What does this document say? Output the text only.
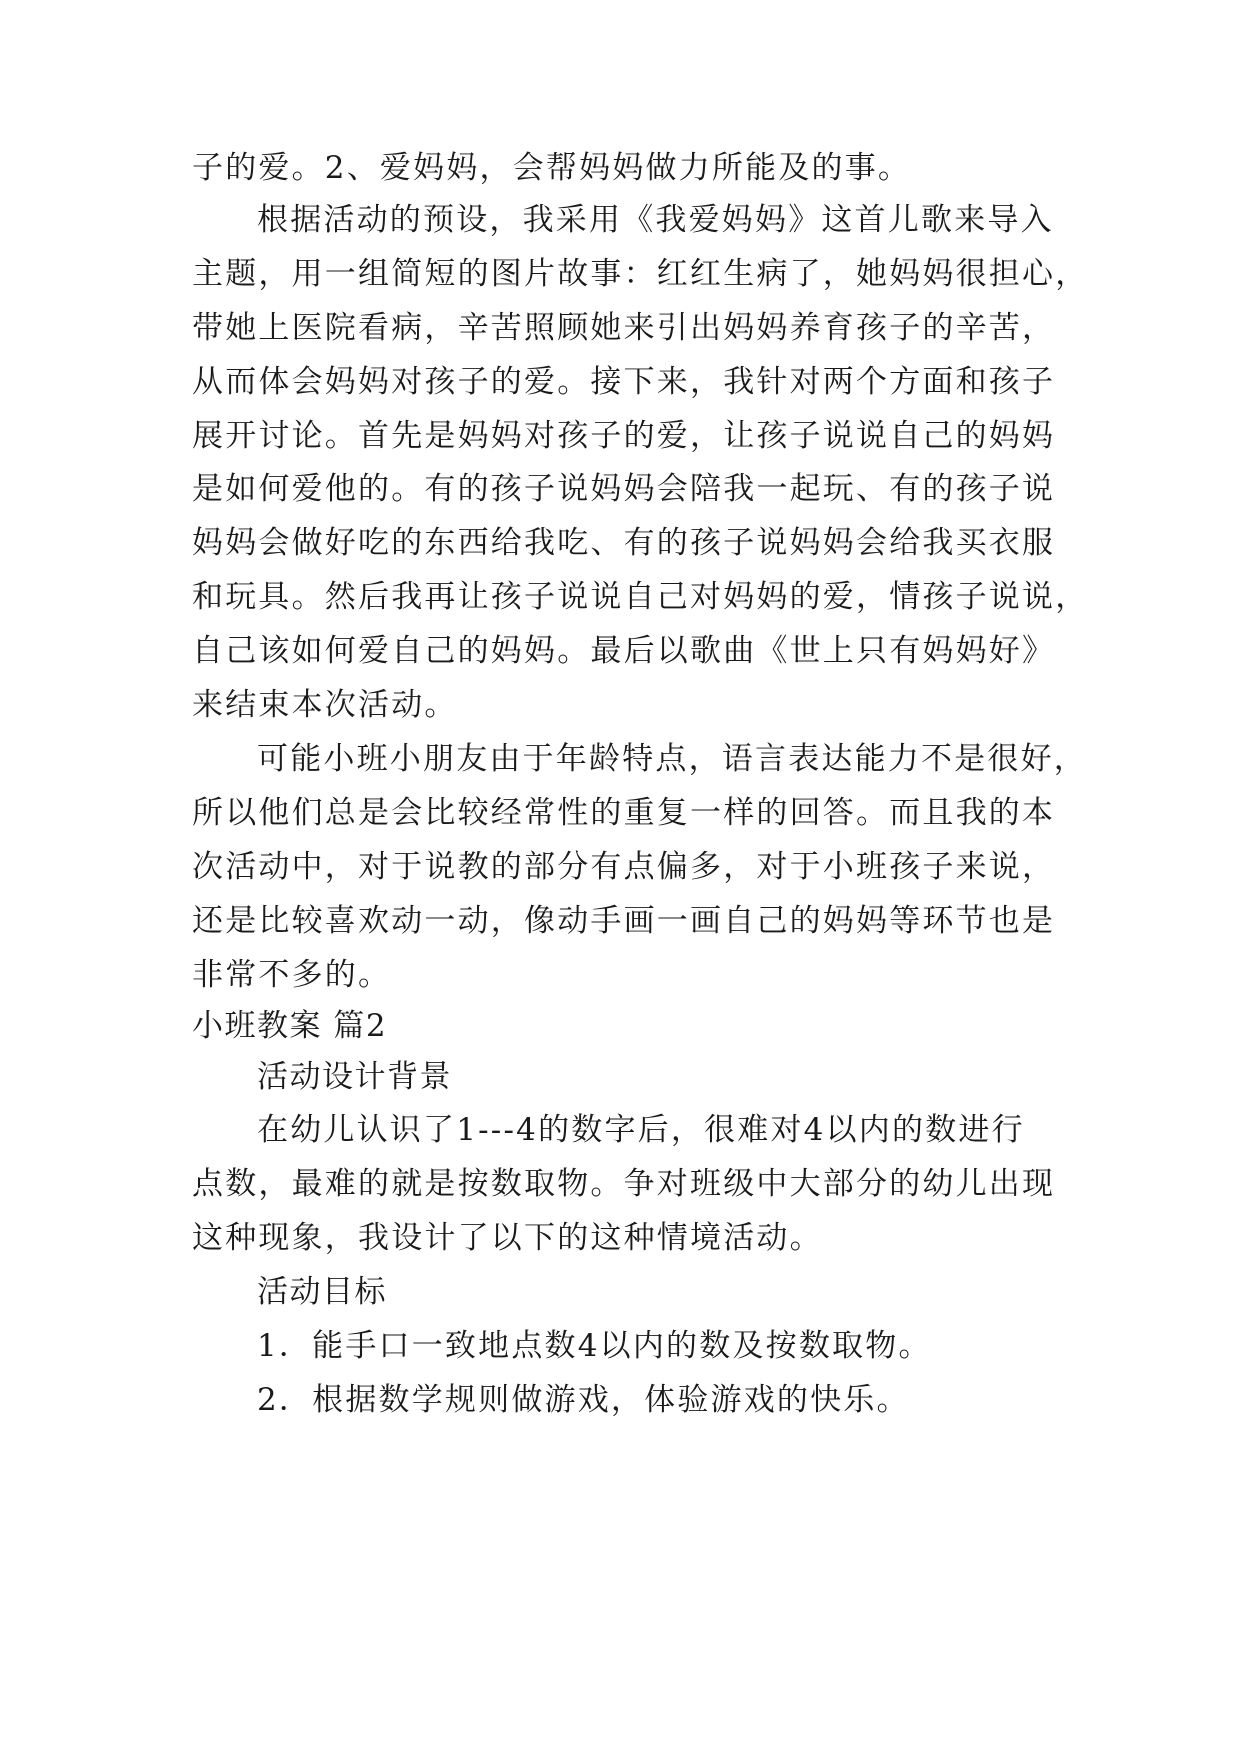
子的爱。2、爱妈妈，会帮妈妈做力所能及的事。
根据活动的预设，我采用《我爱妈妈》这首儿歌来导入
主题，用一组简短的图片故事：红红生病了，她妈妈很担心，
带她上医院看病，辛苦照顾她来引出妈妈养育孩子的辛苦，
从而体会妈妈对孩子的爱。接下来，我针对两个方面和孩子
展开讨论。首先是妈妈对孩子的爱，让孩子说说自己的妈妈
是如何爱他的。有的孩子说妈妈会陪我一起玩、有的孩子说
妈妈会做好吃的东西给我吃、有的孩子说妈妈会给我买衣服
和玩具。然后我再让孩子说说自己对妈妈的爱，情孩子说说，
自己该如何爱自己的妈妈。最后以歌曲《世上只有妈妈好》
来结束本次活动。
可能小班小朋友由于年龄特点，语言表达能力不是很好，
所以他们总是会比较经常性的重复一样的回答。而且我的本
次活动中，对于说教的部分有点偏多，对于小班孩子来说，
还是比较喜欢动一动，像动手画一画自己的妈妈等环节也是
非常不多的。
小班教案 篇2
活动设计背景
在幼儿认识了1---4的数字后，很难对4以内的数进行
点数，最难的就是按数取物。争对班级中大部分的幼儿出现
这种现象，我设计了以下的这种情境活动。
活动目标
1．能手口一致地点数4以内的数及按数取物。
2．根据数学规则做游戏，体验游戏的快乐。
